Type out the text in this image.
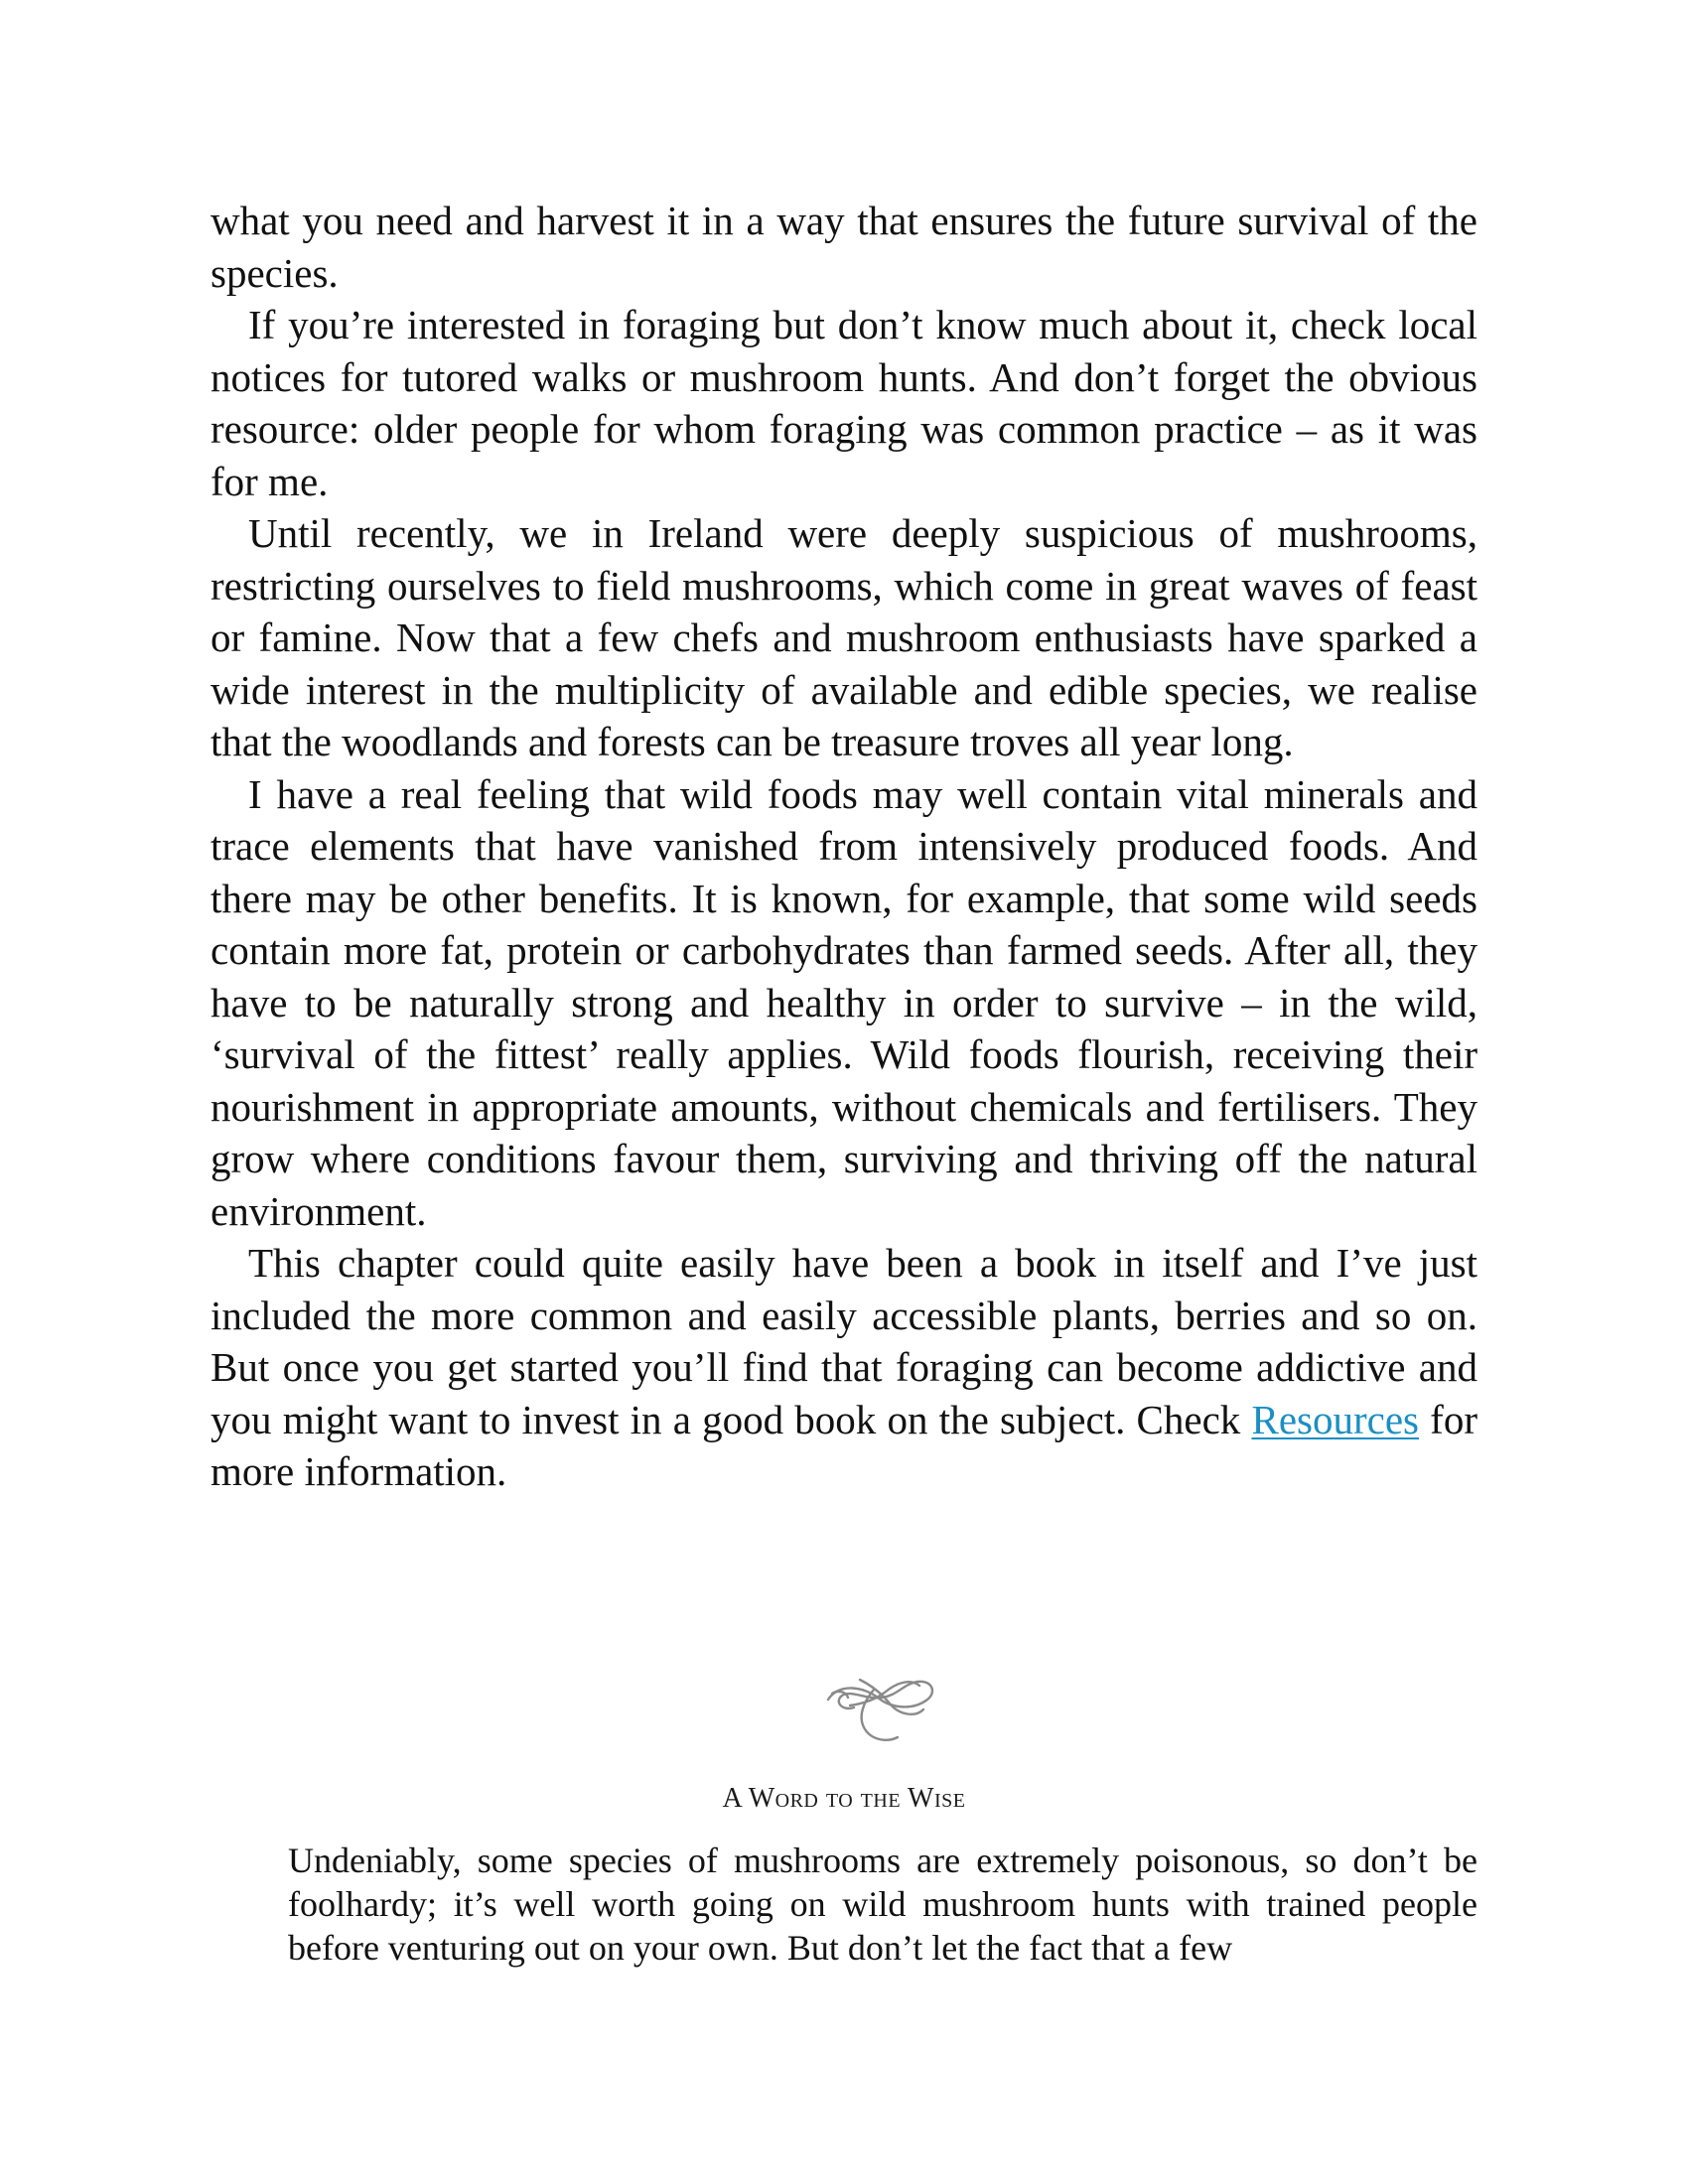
what you need and harvest it in a way that ensures the future survival of the species.

If you’re interested in foraging but don’t know much about it, check local notices for tutored walks or mushroom hunts. And don’t forget the obvious resource: older people for whom foraging was common practice – as it was for me.

Until recently, we in Ireland were deeply suspicious of mushrooms, restricting ourselves to field mushrooms, which come in great waves of feast or famine. Now that a few chefs and mushroom enthusiasts have sparked a wide interest in the multiplicity of available and edible species, we realise that the woodlands and forests can be treasure troves all year long.

I have a real feeling that wild foods may well contain vital minerals and trace elements that have vanished from intensively produced foods. And there may be other benefits. It is known, for example, that some wild seeds contain more fat, protein or carbohydrates than farmed seeds. After all, they have to be naturally strong and healthy in order to survive – in the wild, ‘survival of the fittest’ really applies. Wild foods flourish, receiving their nourishment in appropriate amounts, without chemicals and fertilisers. They grow where conditions favour them, surviving and thriving off the natural environment.

This chapter could quite easily have been a book in itself and I’ve just included the more common and easily accessible plants, berries and so on. But once you get started you’ll find that foraging can become addictive and you might want to invest in a good book on the subject. Check Resources for more information.

A Word to the Wise

Undeniably, some species of mushrooms are extremely poisonous, so don’t be foolhardy; it’s well worth going on wild mushroom hunts with trained people before venturing out on your own. But don’t let the fact that a few
